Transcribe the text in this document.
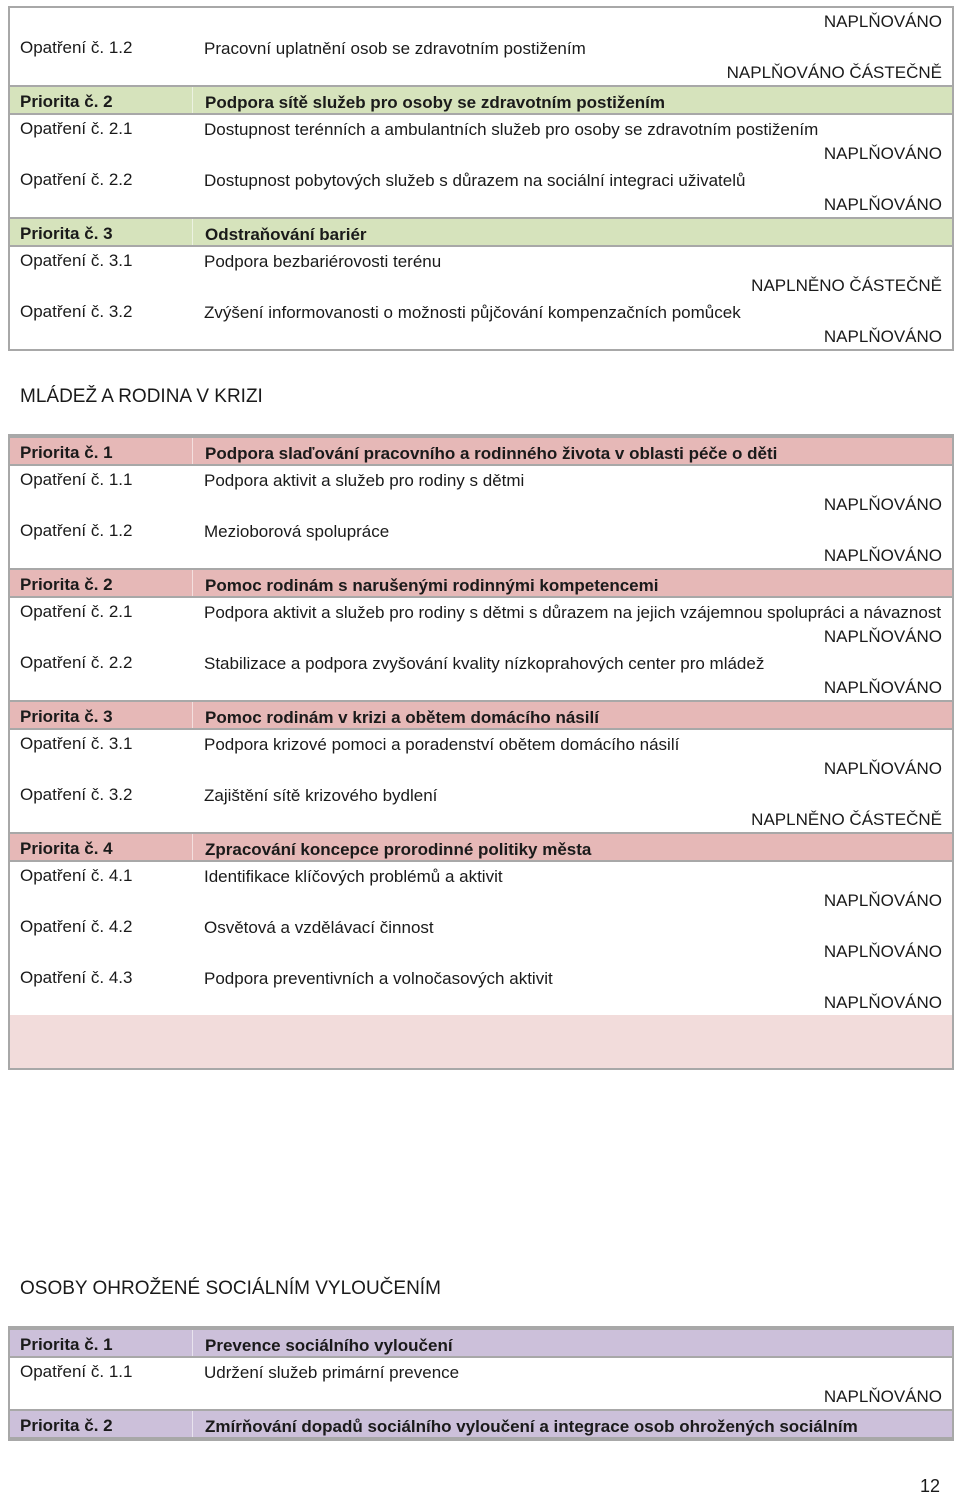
NAPLŇOVÁNO
Opatření č. 1.2	Pracovní uplatnění osob se zdravotním postižením
NAPLŇOVÁNO ČÁSTEČNĚ
Priorita č. 2	Podpora sítě služeb pro osoby se zdravotním postižením
Opatření č. 2.1	Dostupnost terénních a ambulantních služeb pro osoby se zdravotním postižením
NAPLŇOVÁNO
Opatření č. 2.2	Dostupnost pobytových služeb s důrazem na sociální integraci uživatelů
NAPLŇOVÁNO
Priorita č. 3	Odstraňování bariér
Opatření č. 3.1	Podpora bezbariérovosti terénu
NAPLNĚNO ČÁSTEČNĚ
Opatření č. 3.2	Zvýšení informovanosti o možnosti půjčování kompenzačních pomůcek
NAPLŇOVÁNO
MLÁDEŽ A RODINA V KRIZI
Priorita č. 1	Podpora slaďování pracovního a rodinného života v oblasti péče o děti
Opatření č. 1.1	Podpora aktivit a služeb pro rodiny s dětmi
NAPLŇOVÁNO
Opatření č. 1.2	Mezioborová spolupráce
NAPLŇOVÁNO
Priorita č. 2	Pomoc rodinám s narušenými rodinnými kompetencemi
Opatření č. 2.1	Podpora aktivit a služeb pro rodiny s dětmi s důrazem na jejich vzájemnou spolupráci a návaznost
NAPLŇOVÁNO
Opatření č. 2.2	Stabilizace a podpora zvyšování kvality nízkoprahových center pro mládež
NAPLŇOVÁNO
Priorita č. 3	Pomoc rodinám v krizi a obětem domácího násilí
Opatření č. 3.1	Podpora krizové pomoci a poradenství obětem domácího násilí
NAPLŇOVÁNO
Opatření č. 3.2	Zajištění sítě krizového bydlení
NAPLNĚNO ČÁSTEČNĚ
Priorita č. 4	Zpracování koncepce prorodinné politiky města
Opatření č. 4.1	Identifikace klíčových problémů a aktivit
NAPLŇOVÁNO
Opatření č. 4.2	Osvětová a vzdělávací činnost
NAPLŇOVÁNO
Opatření č. 4.3	Podpora preventivních a volnočasových aktivit
NAPLŇOVÁNO
OSOBY OHROŽENÉ SOCIÁLNÍM VYLOUČENÍM
Priorita č. 1	Prevence sociálního vyloučení
Opatření č. 1.1	Udržení služeb primární prevence
NAPLŇOVÁNO
Priorita č. 2	Zmírňování dopadů sociálního vyloučení a integrace osob ohrožených sociálním
12
